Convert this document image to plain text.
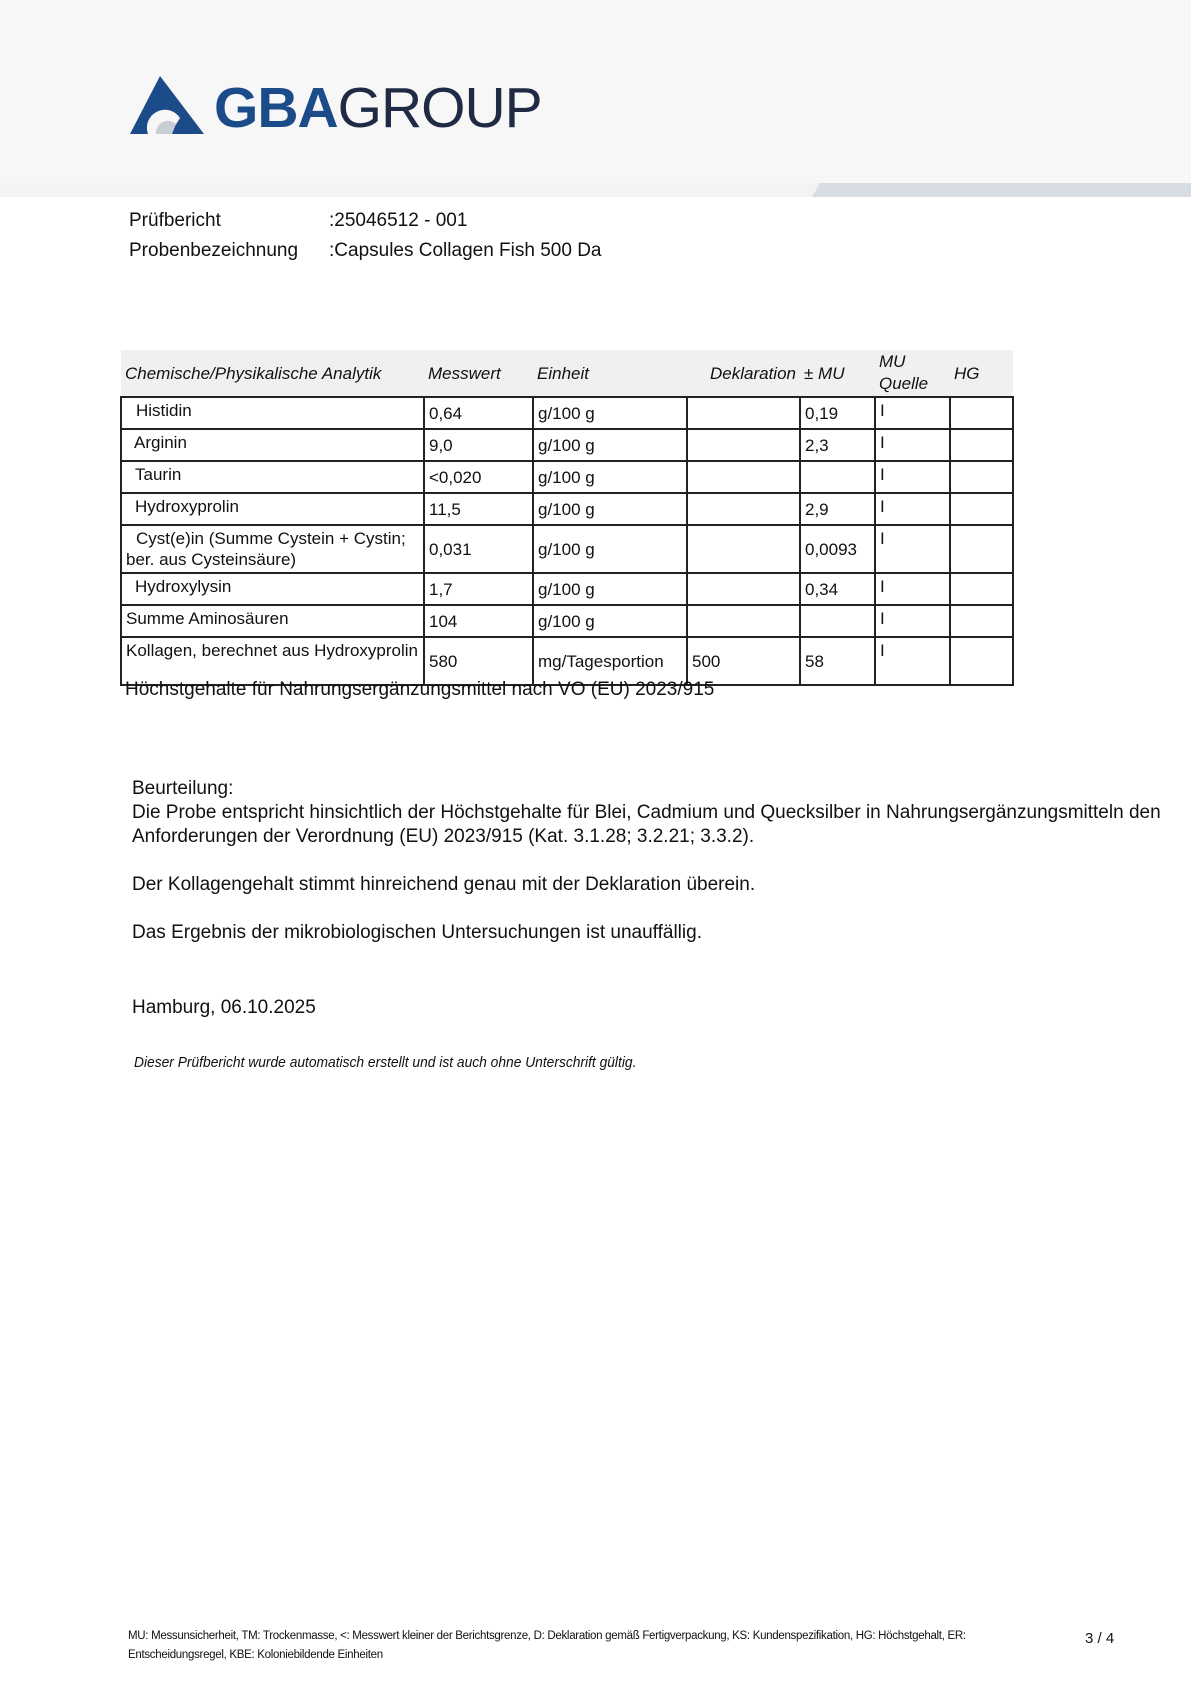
GBAGROUP
Prüfbericht	:25046512 - 001
Probenbezeichnung	:Capsules Collagen Fish 500 Da
Chemische/Physikalische Analytik	Messwert	Einheit	Deklaration	± MU	MU Quelle	HG
Histidin	0,64	g/100 g		0,19	I	
Arginin	9,0	g/100 g		2,3	I	
Taurin	<0,020	g/100 g			I	
Hydroxyprolin	11,5	g/100 g		2,9	I	
Cyst(e)in (Summe Cystein + Cystin; ber. aus Cysteinsäure)	0,031	g/100 g		0,0093	I	
Hydroxylysin	1,7	g/100 g		0,34	I	
Summe Aminosäuren	104	g/100 g			I	
Kollagen, berechnet aus Hydroxyprolin	580	mg/Tagesportion	500	58	I	
Höchstgehalte für Nahrungsergänzungsmittel nach VO (EU) 2023/915

Beurteilung:

Die Probe entspricht hinsichtlich der Höchstgehalte für Blei, Cadmium und Quecksilber in Nahrungsergänzungsmitteln den Anforderungen der Verordnung (EU) 2023/915 (Kat. 3.1.28; 3.2.21; 3.3.2).

Der Kollagengehalt stimmt hinreichend genau mit der Deklaration überein.

Das Ergebnis der mikrobiologischen Untersuchungen ist unauffällig.

Hamburg, 06.10.2025
Dieser Prüfbericht wurde automatisch erstellt und ist auch ohne Unterschrift gültig.
MU: Messunsicherheit, TM: Trockenmasse, <: Messwert kleiner der Berichtsgrenze, D: Deklaration gemäß Fertigverpackung, KS: Kundenspezifikation, HG: Höchstgehalt, ER: Entscheidungsregel, KBE: Koloniebildende Einheiten
3 / 4
